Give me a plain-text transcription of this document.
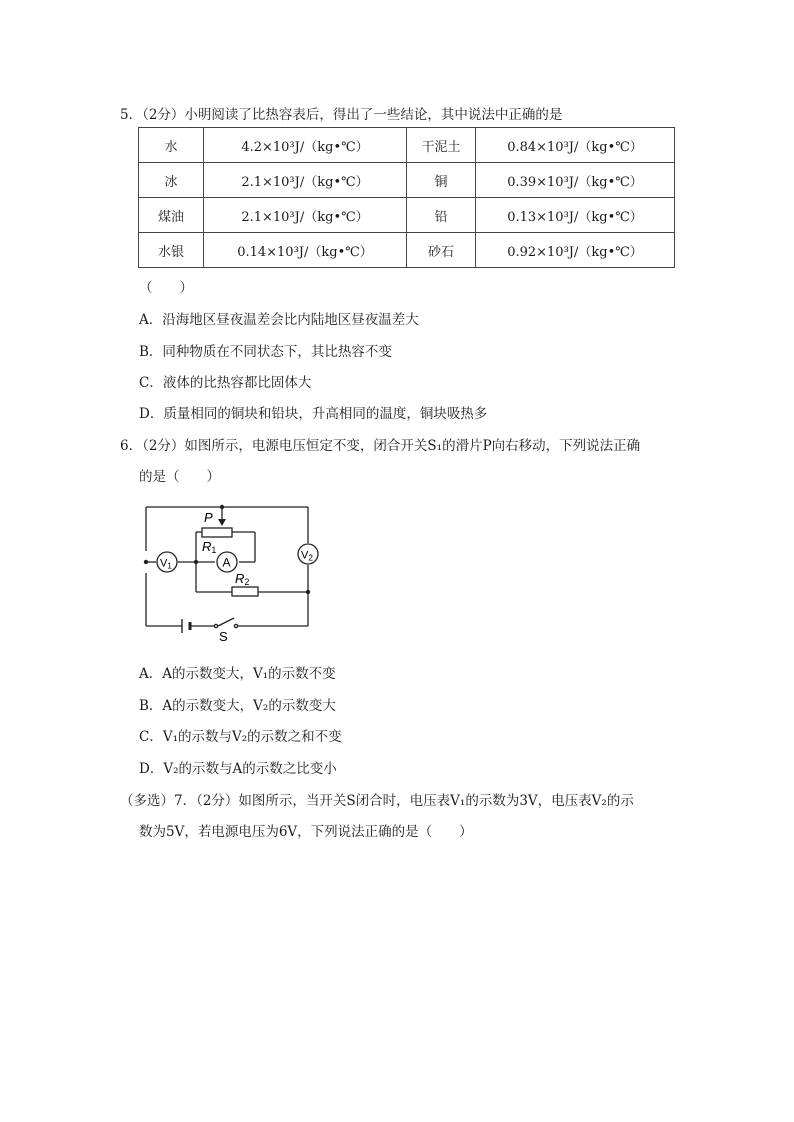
5．（2分）小明阅读了比热容表后，得出了一些结论，其中说法中正确的是
水	4.2×10³J/（kg•℃）	干泥土	0.84×10³J/（kg•℃）
冰	2.1×10³J/（kg•℃）	铜	0.39×10³J/（kg•℃）
煤油	2.1×10³J/（kg•℃）	铅	0.13×10³J/（kg•℃）
水银	0.14×10³J/（kg•℃）	砂石	0.92×10³J/（kg•℃）
（　　）
A．沿海地区昼夜温差会比内陆地区昼夜温差大
B．同种物质在不同状态下，其比热容不变
C．液体的比热容都比固体大
D．质量相同的铜块和铅块，升高相同的温度，铜块吸热多
6．（2分）如图所示，电源电压恒定不变，闭合开关S₁的滑片P向右移动，下列说法正确
的是（　　）
P
R1
R2
A
V1
V2
S
A．A的示数变大，V₁的示数不变
B．A的示数变大，V₂的示数变大
C．V₁的示数与V₂的示数之和不变
D．V₂的示数与A的示数之比变小
（多选）7．（2分）如图所示，当开关S闭合时，电压表V₁的示数为3V，电压表V₂的示
数为5V，若电源电压为6V，下列说法正确的是（　　）
